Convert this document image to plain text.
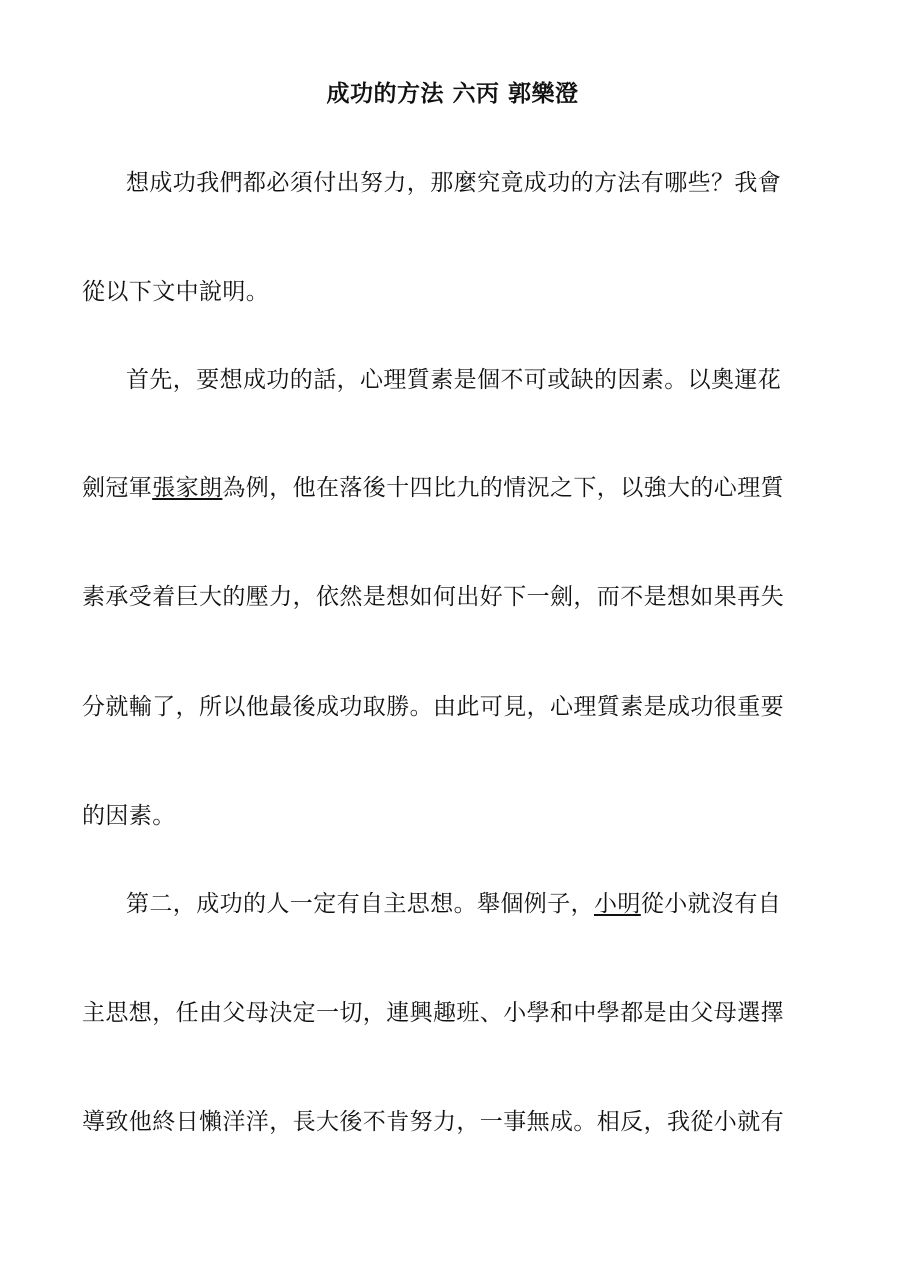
成功的方法 六丙 郭樂澄
想成功我們都必須付出努力，那麼究竟成功的方法有哪些？我會
從以下文中說明。
首先，要想成功的話，心理質素是個不可或缺的因素。以奧運花
劍冠軍張家朗為例，他在落後十四比九的情況之下，以強大的心理質
素承受着巨大的壓力，依然是想如何出好下一劍，而不是想如果再失
分就輸了，所以他最後成功取勝。由此可見，心理質素是成功很重要
的因素。
第二，成功的人一定有自主思想。舉個例子，小明從小就沒有自
主思想，任由父母決定一切，連興趣班、小學和中學都是由父母選擇
導致他終日懶洋洋，長大後不肯努力，一事無成。相反，我從小就有
